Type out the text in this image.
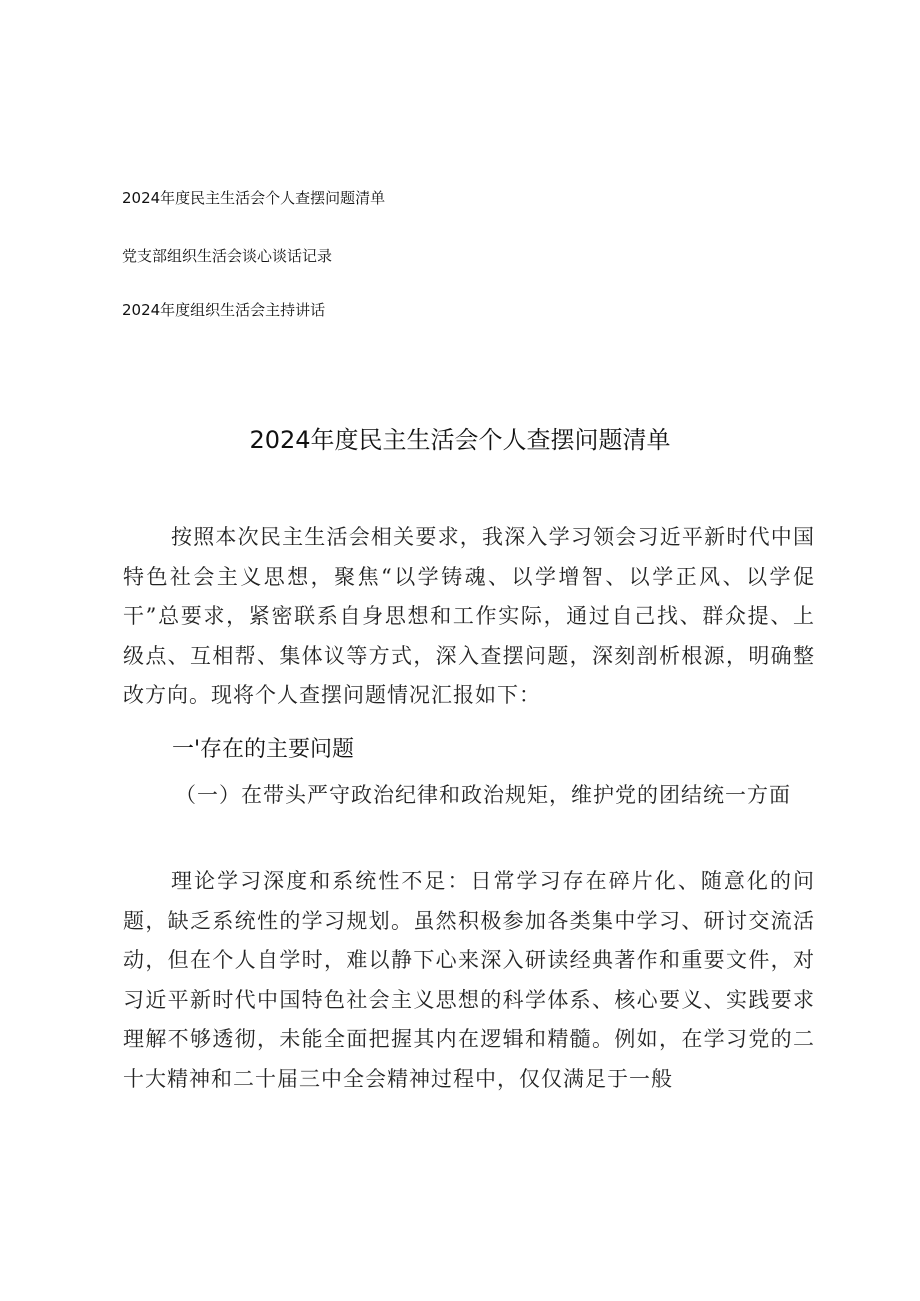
2024年度民主生活会个人查摆问题清单
党支部组织生活会谈心谈话记录
2024年度组织生活会主持讲话
2024年度民主生活会个人查摆问题清单
按照本次民主生活会相关要求，我深入学习领会习近平新时代中国特色社会主义思想，聚焦“以学铸魂、以学增智、以学正风、以学促干”总要求，紧密联系自身思想和工作实际，通过自己找、群众提、上级点、互相帮、集体议等方式，深入查摆问题，深刻剖析根源，明确整改方向。现将个人查摆问题情况汇报如下：
一'存在的主要问题
（一）在带头严守政治纪律和政治规矩，维护党的团结统一方面
理论学习深度和系统性不足：日常学习存在碎片化、随意化的问题，缺乏系统性的学习规划。虽然积极参加各类集中学习、研讨交流活动，但在个人自学时，难以静下心来深入研读经典著作和重要文件，对习近平新时代中国特色社会主义思想的科学体系、核心要义、实践要求理解不够透彻，未能全面把握其内在逻辑和精髓。例如，在学习党的二十大精神和二十届三中全会精神过程中，仅仅满足于一般
